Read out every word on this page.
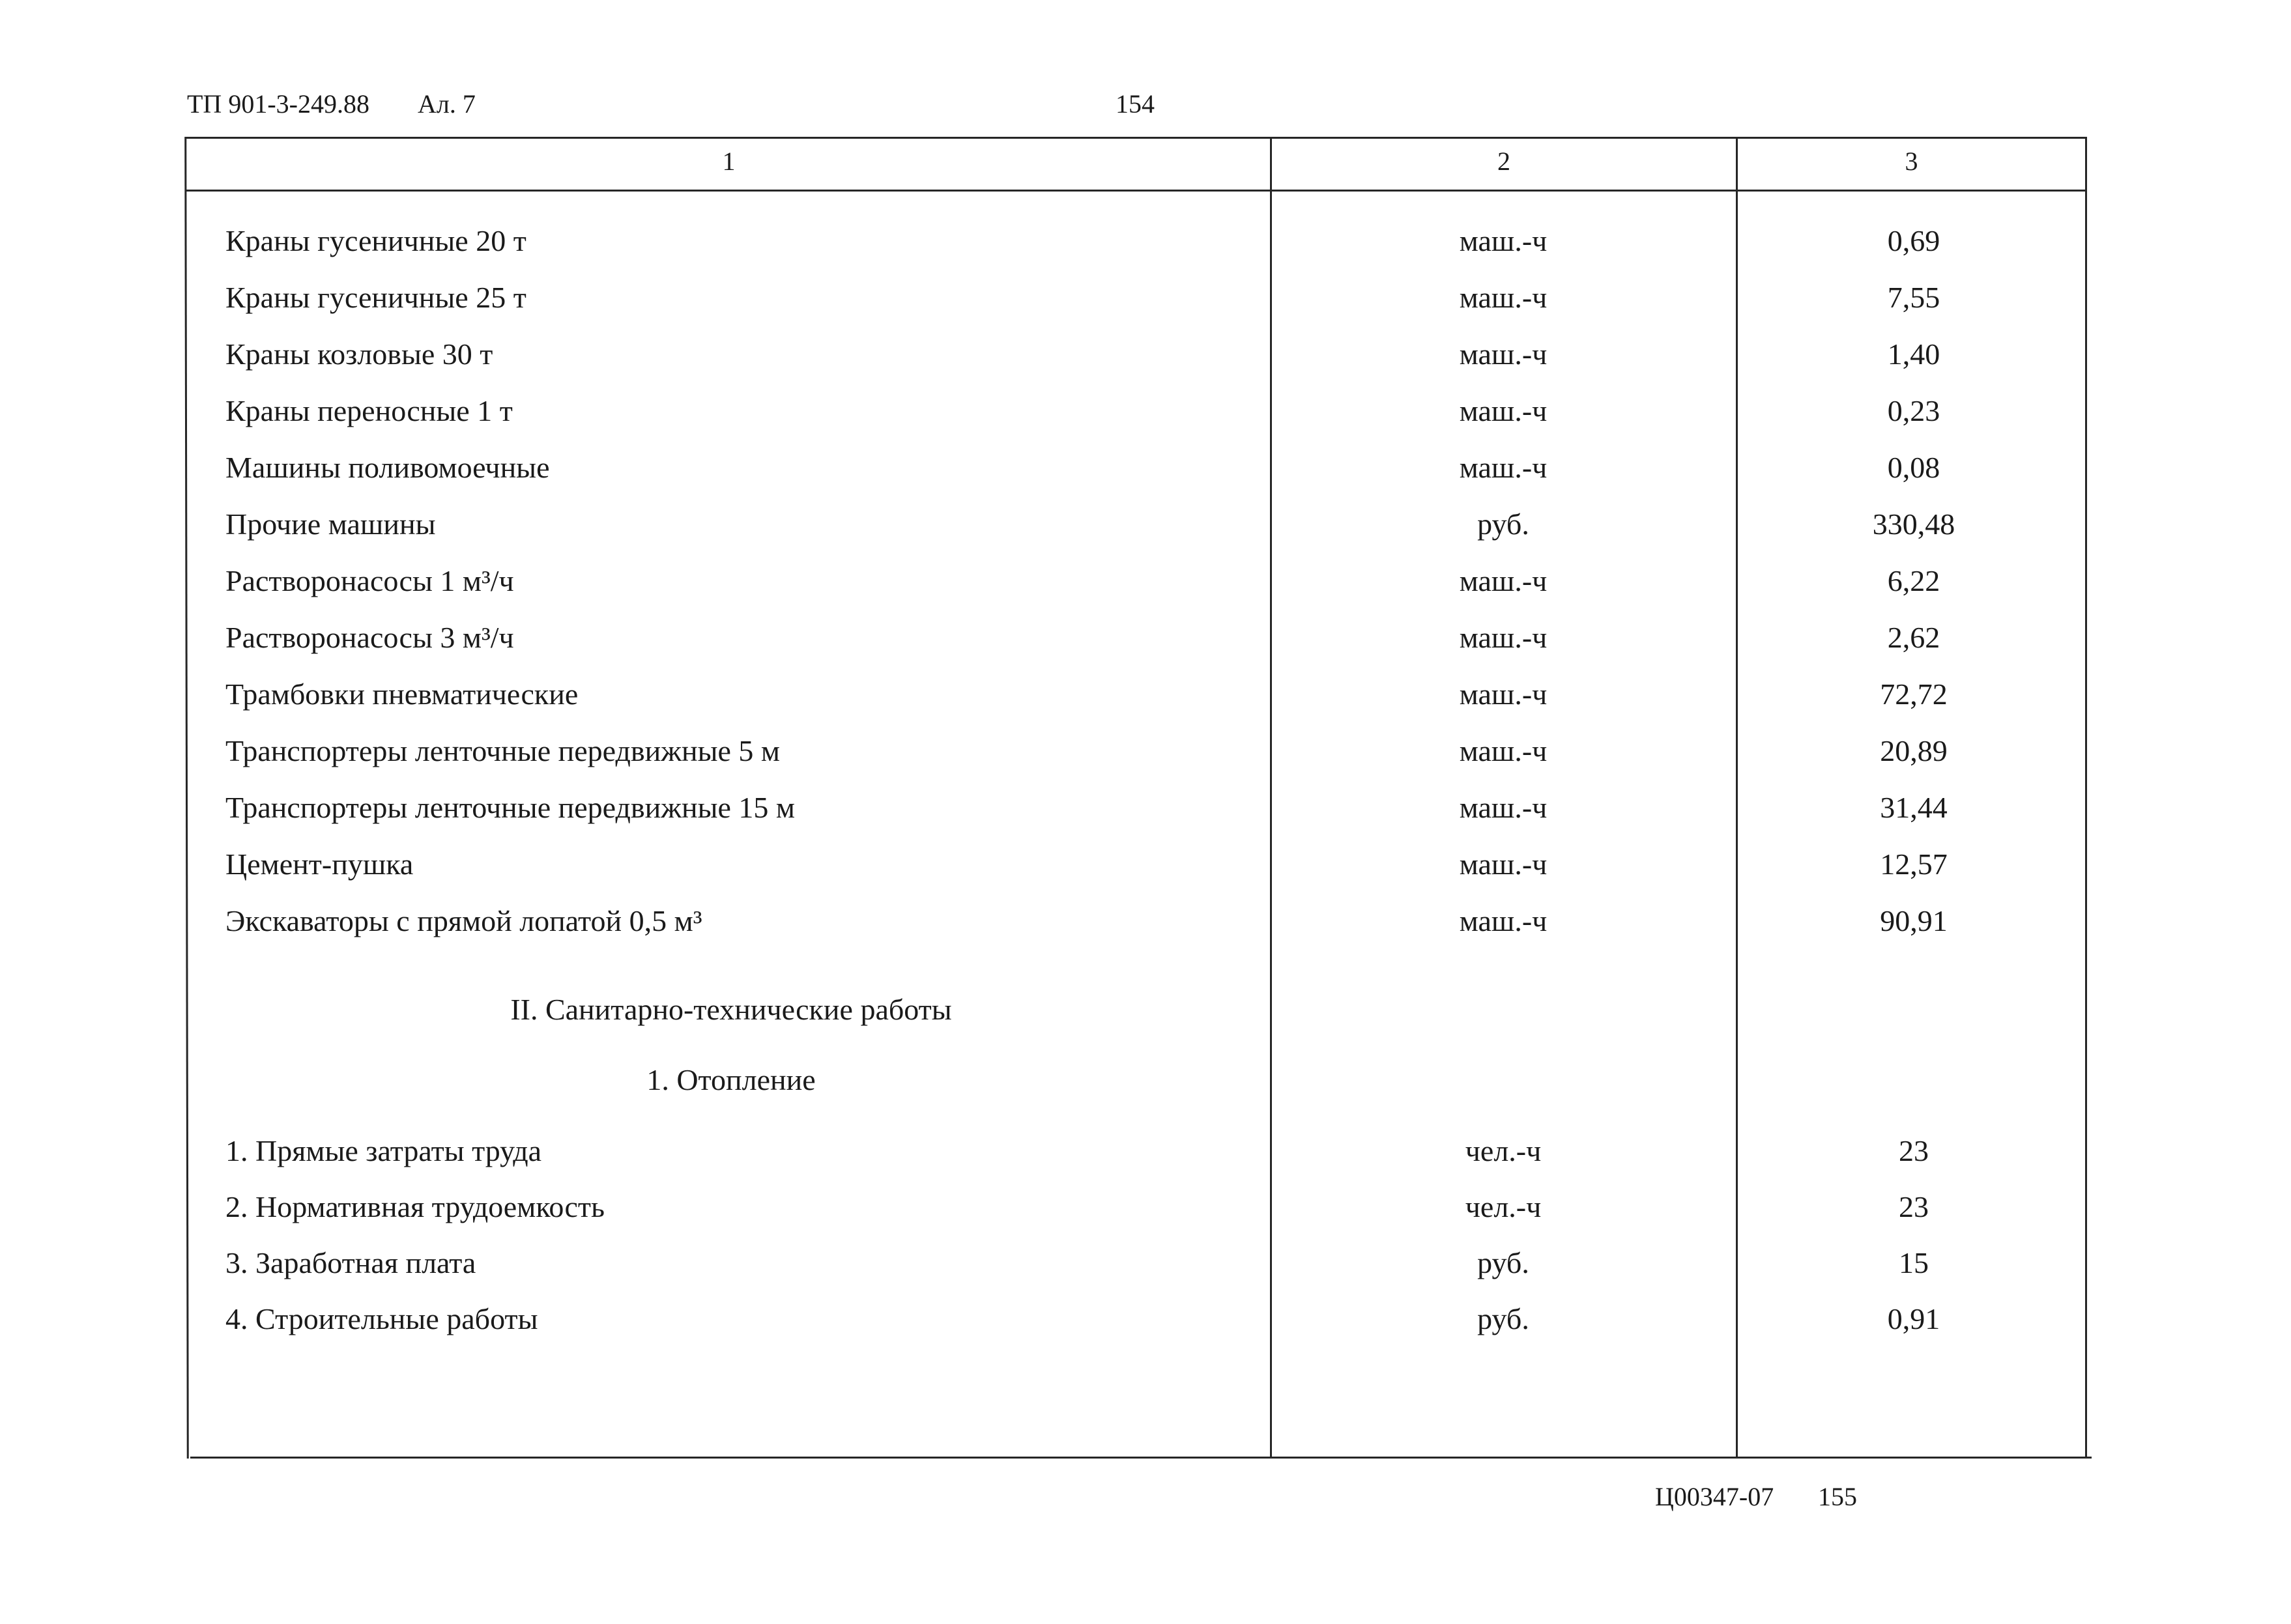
ТП 901-3-249.88 Ал. 7	154
1	2	3
Краны гусеничные 20 т	маш.-ч	0,69
Краны гусеничные 25 т	маш.-ч	7,55
Краны козловые 30 т	маш.-ч	1,40
Краны переносные 1 т	маш.-ч	0,23
Машины поливомоечные	маш.-ч	0,08
Прочие машины	руб.	330,48
Растворонасосы 1 м³/ч	маш.-ч	6,22
Растворонасосы 3 м³/ч	маш.-ч	2,62
Трамбовки пневматические	маш.-ч	72,72
Транспортеры ленточные передвижные 5 м	маш.-ч	20,89
Транспортеры ленточные передвижные 15 м	маш.-ч	31,44
Цемент-пушка	маш.-ч	12,57
Экскаваторы с прямой лопатой 0,5 м³	маш.-ч	90,91
II. Санитарно-технические работы
1. Отопление
1. Прямые затраты труда	чел.-ч	23
2. Нормативная трудоемкость	чел.-ч	23
3. Заработная плата	руб.	15
4. Строительные работы	руб.	0,91
Ц00347-07 155
